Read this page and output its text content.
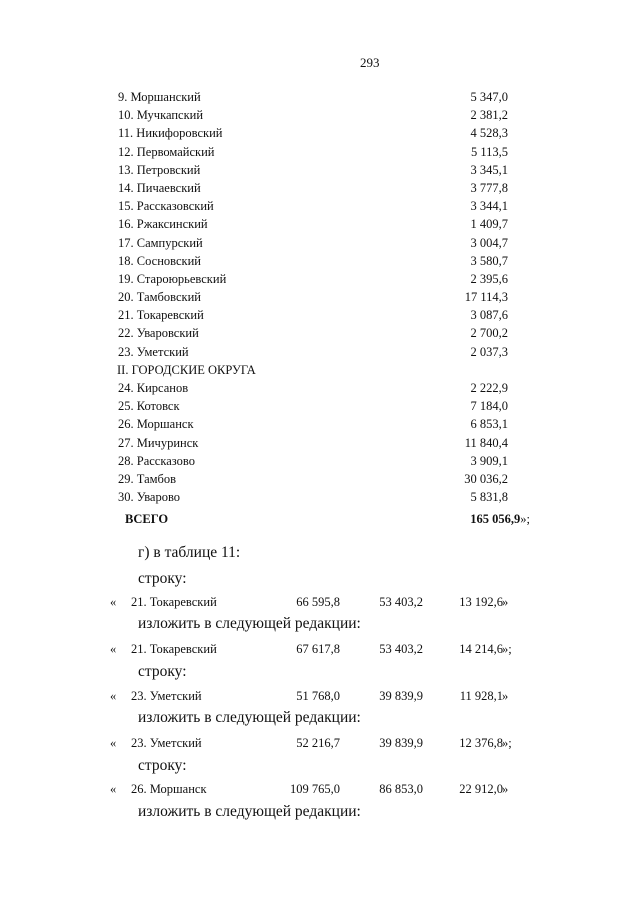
293
9. Моршанский	5 347,0
10. Мучкапский	2 381,2
11. Никифоровский	4 528,3
12. Первомайский	5 113,5
13. Петровский	3 345,1
14. Пичаевский	3 777,8
15. Рассказовский	3 344,1
16. Ржаксинский	1 409,7
17. Сампурский	3 004,7
18. Сосновский	3 580,7
19. Староюрьевский	2 395,6
20. Тамбовский	17 114,3
21. Токаревский	3 087,6
22. Уваровский	2 700,2
23. Уметский	2 037,3
II. ГОРОДСКИЕ ОКРУГА
24. Кирсанов	2 222,9
25. Котовск	7 184,0
26. Моршанск	6 853,1
27. Мичуринск	11 840,4
28. Рассказово	3 909,1
29. Тамбов	30 036,2
30. Уварово	5 831,8
ВСЕГО	165 056,9»;
г) в таблице 11:
строку:
« 21. Токаревский	66 595,8	53 403,2	13 192,6 »
изложить в следующей редакции:
« 21. Токаревский	67 617,8	53 403,2	14 214,6 »;
строку:
« 23. Уметский	51 768,0	39 839,9	11 928,1 »
изложить в следующей редакции:
« 23. Уметский	52 216,7	39 839,9	12 376,8 »;
строку:
« 26. Моршанск	109 765,0	86 853,0	22 912,0 »
изложить в следующей редакции:
